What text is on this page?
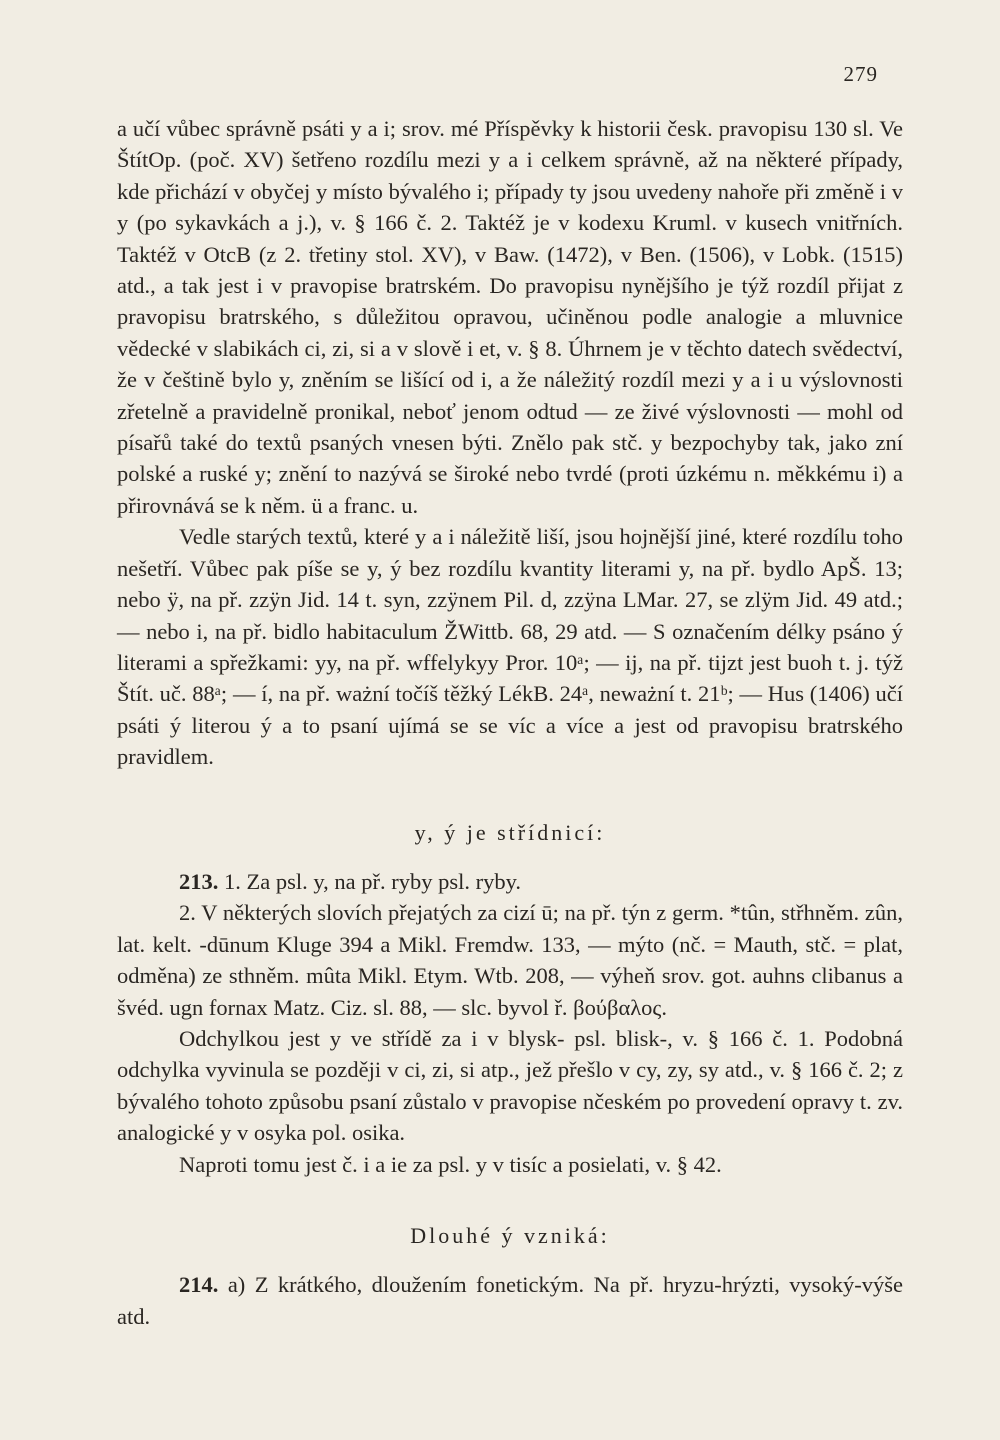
279

a učí vůbec správně psáti y a i; srov. mé Příspěvky k historii česk. pravopisu 130 sl. Ve ŠtítOp. (poč. XV) šetřeno rozdílu mezi y a i celkem správně, až na některé případy, kde přichází v obyčej y místo bývalého i; případy ty jsou uvedeny nahoře při změně i v y (po sykavkách a j.), v. § 166 č. 2. Taktéž je v kodexu Kruml. v kusech vnitřních. Taktéž v OtcB (z 2. třetiny stol. XV), v Baw. (1472), v Ben. (1506), v Lobk. (1515) atd., a tak jest i v pravopise bratrském. Do pravopisu nynějšího je týž rozdíl přijat z pravopisu bratrského, s důležitou opravou, učiněnou podle analogie a mluvnice vědecké v slabikách ci, zi, si a v slově i et, v. § 8. Úhrnem je v těchto datech svědectví, že v češtině bylo y, zněním se lišící od i, a že náležitý rozdíl mezi y a i u výslovnosti zřetelně a pravidelně pronikal, neboť jenom odtud — ze živé výslovnosti — mohl od písařů také do textů psaných vnesen býti. Znělo pak stč. y bezpochyby tak, jako zní polské a ruské y; znění to nazývá se široké nebo tvrdé (proti úzkému n. měkkému i) a přirovnává se k něm. ü a franc. u.

Vedle starých textů, které y a i náležitě liší, jsou hojnější jiné, které rozdílu toho nešetří. Vůbec pak píše se y, ý bez rozdílu kvantity literami y, na př. bydlo ApŠ. 13; nebo ÿ, na př. zzÿn Jid. 14 t. syn, zzÿnem Pil. d, zzÿna LMar. 27, se zlÿm Jid. 49 atd.; — nebo i, na př. bidlo habitaculum ŽWittb. 68, 29 atd. — S označením délky psáno ý literami a spřežkami: yy, na př. wffelykyy Pror. 10ᵃ; — ij, na př. tijzt jest buoh t. j. týž Štít. uč. 88ᵃ; — í, na př. ważní točíš těžký LékB. 24ᵃ, neważní t. 21ᵇ; — Hus (1406) učí psáti ý literou ý a to psaní ujímá se se víc a více a jest od pravopisu bratrského pravidlem.

y, ý je střídnicí:

213. 1. Za psl. y, na př. ryby psl. ryby.

2. V některých slovích přejatých za cizí ū; na př. týn z germ. *tûn, střhněm. zûn, lat. kelt. -dūnum Kluge 394 a Mikl. Fremdw. 133, — mýto (nč. = Mauth, stč. = plat, odměna) ze sthněm. mûta Mikl. Etym. Wtb. 208, — výheň srov. got. auhns clibanus a švéd. ugn fornax Matz. Ciz. sl. 88, — slc. byvol ř. βούβαλος.

Odchylkou jest y ve střídě za i v blysk- psl. blisk-, v. § 166 č. 1. Podobná odchylka vyvinula se později v ci, zi, si atp., jež přešlo v cy, zy, sy atd., v. § 166 č. 2; z bývalého tohoto způsobu psaní zůstalo v pravopise nčeském po provedení opravy t. zv. analogické y v osyka pol. osika.

Naproti tomu jest č. i a ie za psl. y v tisíc a posielati, v. § 42.

Dlouhé ý vzniká:

214. a) Z krátkého, dloužením fonetickým. Na př. hryzu-hrýzti, vysoký-výše atd.
